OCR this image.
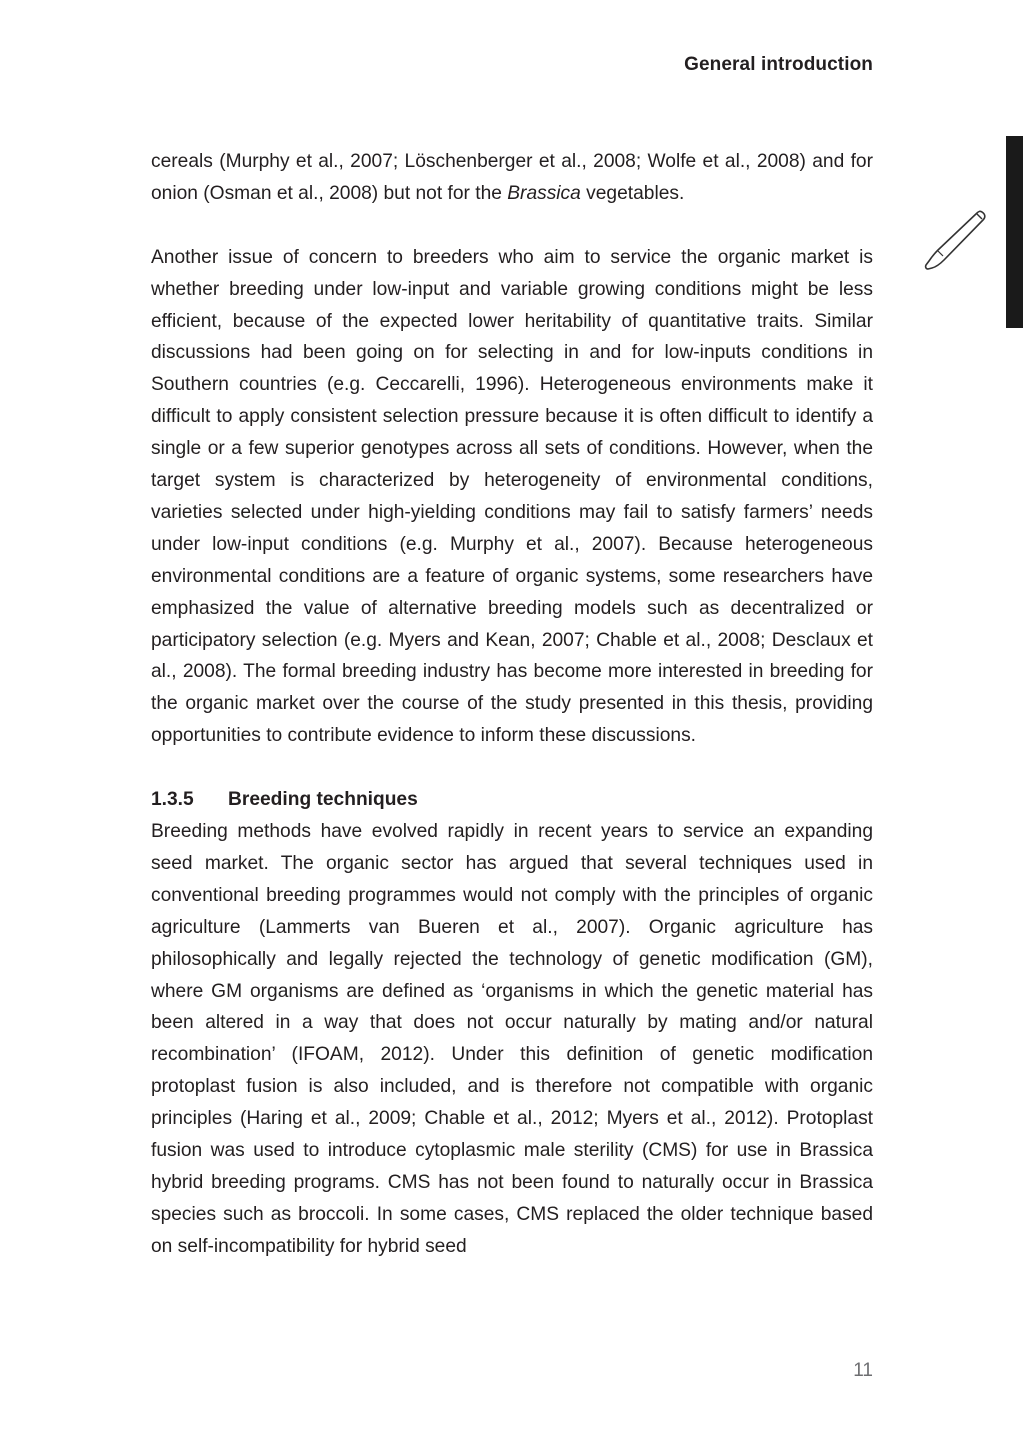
General introduction

cereals (Murphy et al., 2007; Löschenberger et al., 2008; Wolfe et al., 2008) and for onion (Osman et al., 2008) but not for the Brassica vegetables.

Another issue of concern to breeders who aim to service the organic market is whether breeding under low-input and variable growing conditions might be less efficient, because of the expected lower heritability of quantitative traits. Similar discussions had been going on for selecting in and for low-inputs conditions in Southern countries (e.g. Ceccarelli, 1996). Heterogeneous environments make it difficult to apply consistent selection pressure because it is often difficult to identify a single or a few superior genotypes across all sets of conditions. However, when the target system is characterized by heterogeneity of environmental conditions, varieties selected under high-yielding conditions may fail to satisfy farmers’ needs under low-input conditions (e.g. Murphy et al., 2007). Because heterogeneous environmental conditions are a feature of organic systems, some researchers have emphasized the value of alternative breeding models such as decentralized or participatory selection (e.g. Myers and Kean, 2007; Chable et al., 2008; Desclaux et al., 2008). The formal breeding industry has become more interested in breeding for the organic market over the course of the study presented in this thesis, providing opportunities to contribute evidence to inform these discussions.

1.3.5 Breeding techniques

Breeding methods have evolved rapidly in recent years to service an expanding seed market. The organic sector has argued that several techniques used in conventional breeding programmes would not comply with the principles of organic agriculture (Lammerts van Bueren et al., 2007). Organic agriculture has philosophically and legally rejected the technology of genetic modification (GM), where GM organisms are defined as ‘organisms in which the genetic material has been altered in a way that does not occur naturally by mating and/or natural recombination’ (IFOAM, 2012). Under this definition of genetic modification protoplast fusion is also included, and is therefore not compatible with organic principles (Haring et al., 2009; Chable et al., 2012; Myers et al., 2012). Protoplast fusion was used to introduce cytoplasmic male sterility (CMS) for use in Brassica hybrid breeding programs. CMS has not been found to naturally occur in Brassica species such as broccoli. In some cases, CMS replaced the older technique based on self-incompatibility for hybrid seed

11
